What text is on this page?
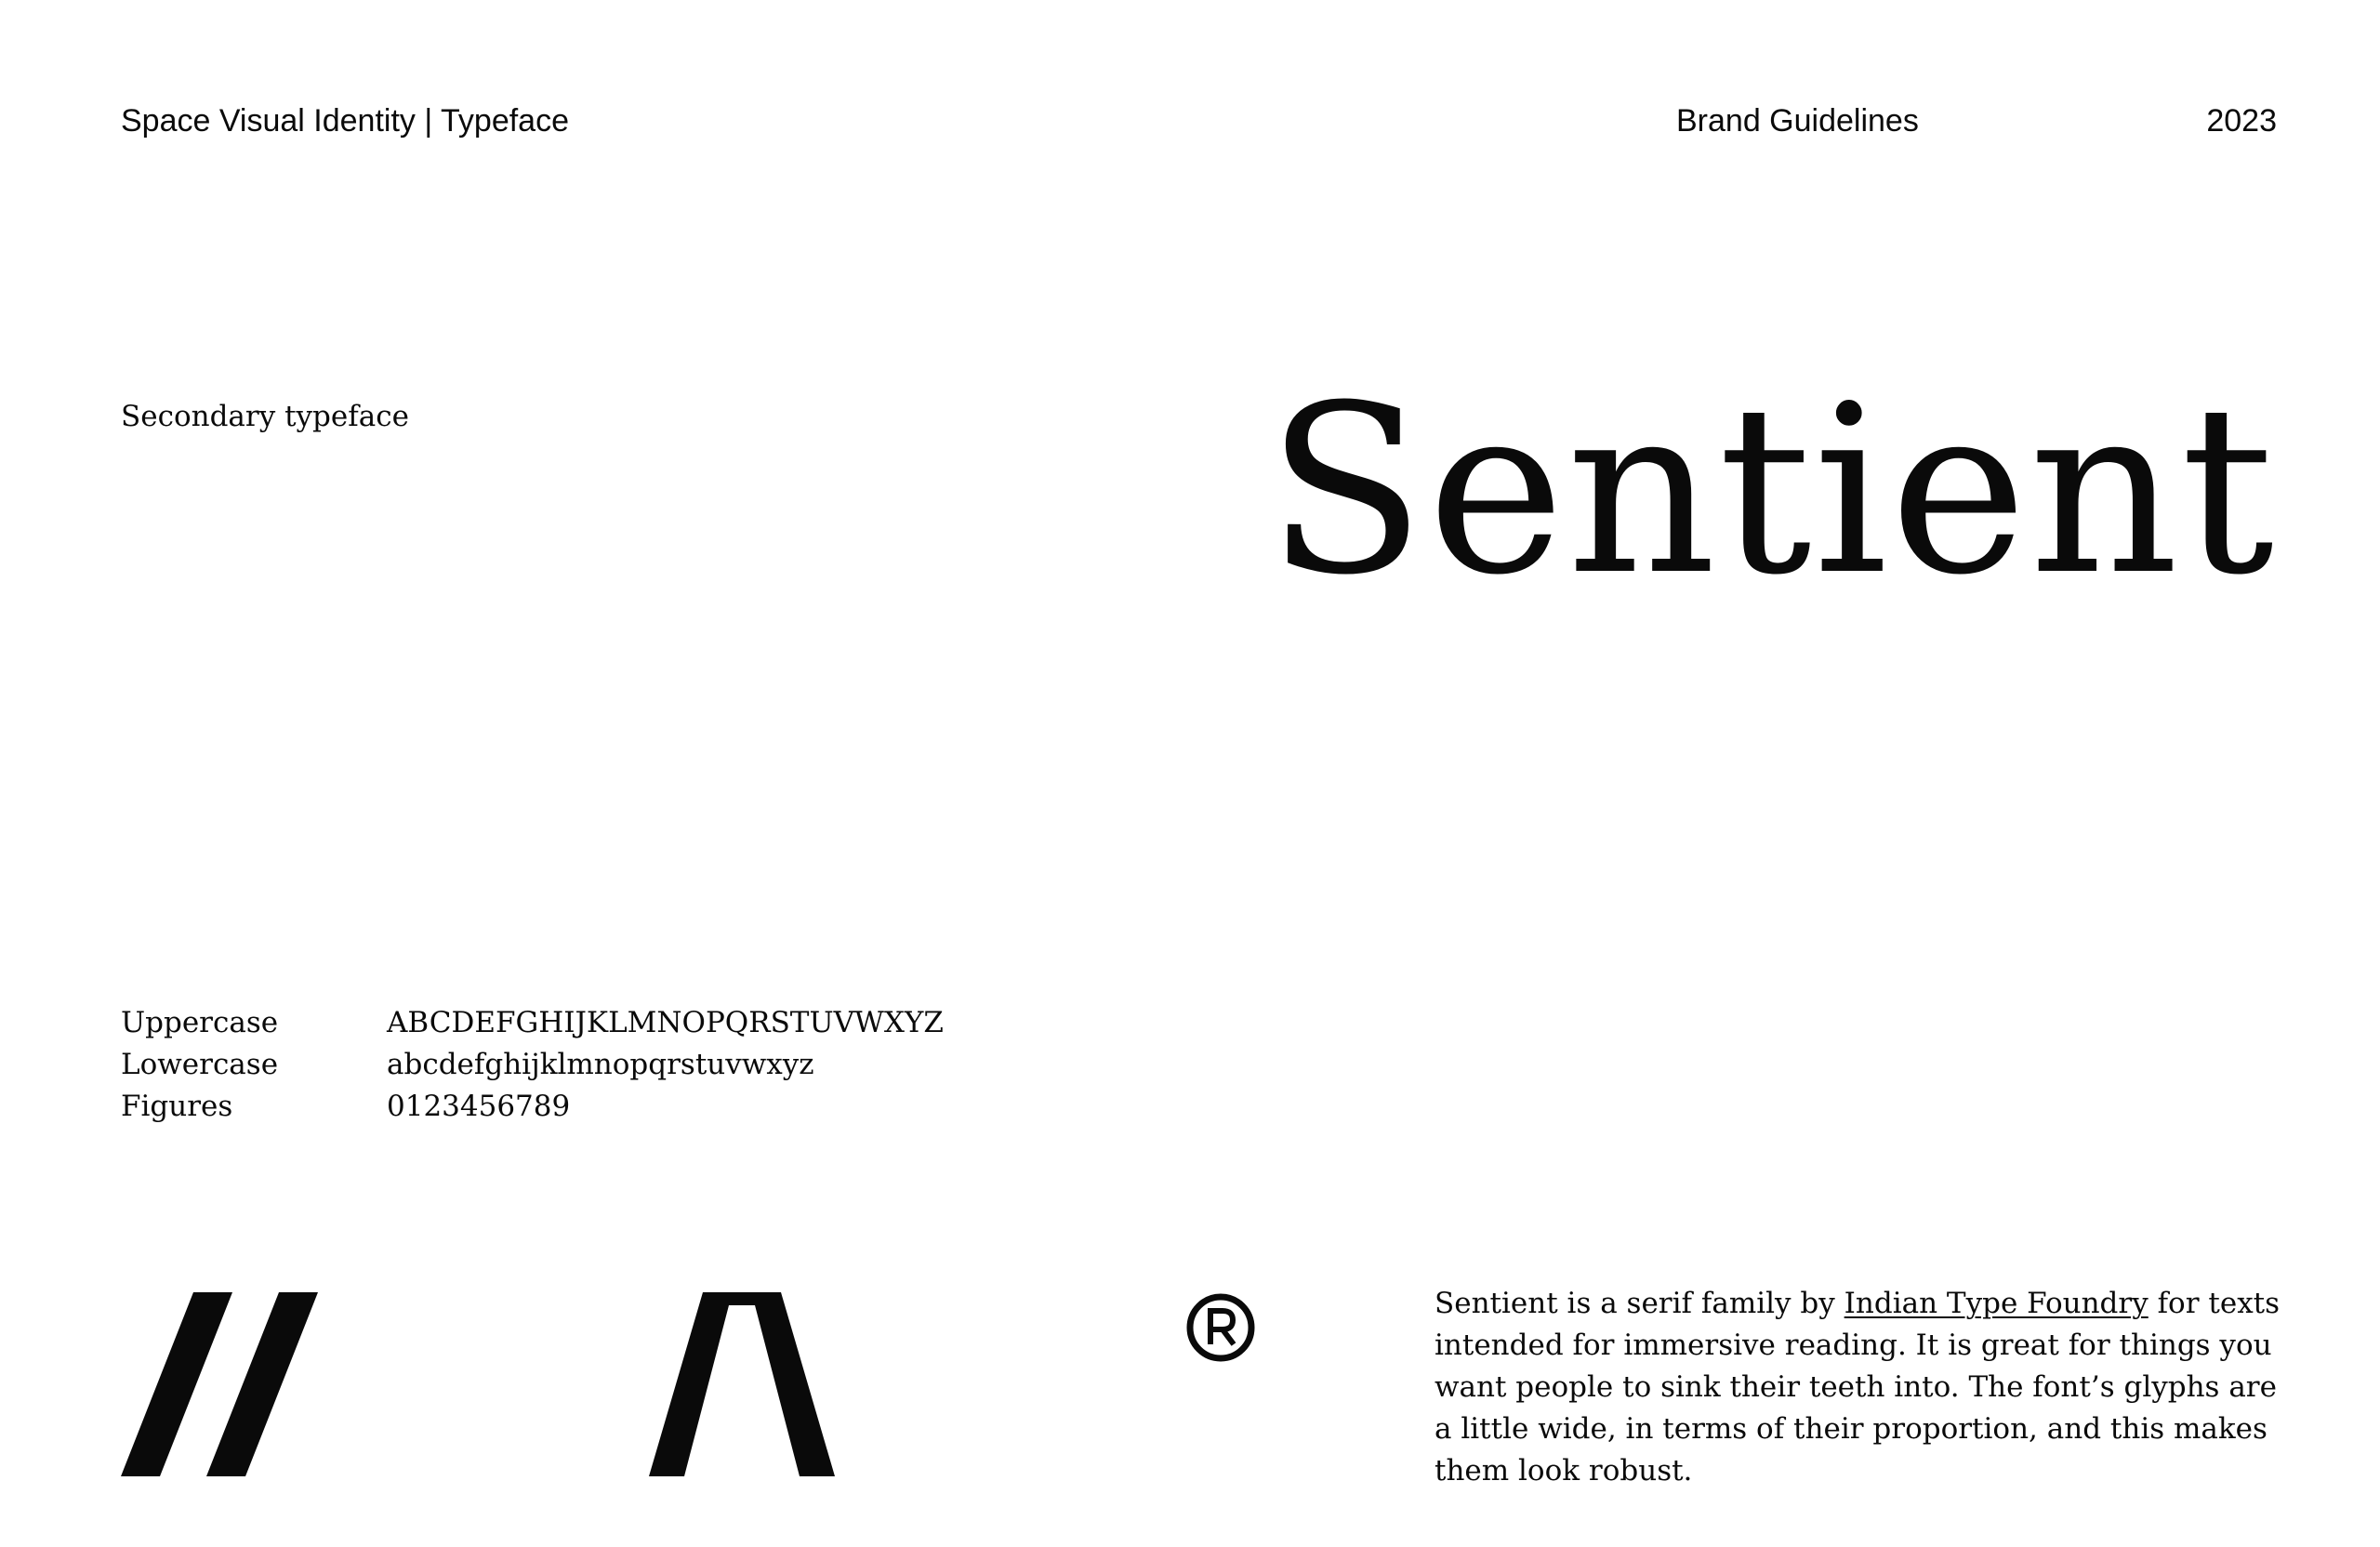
Space Visual Identity | Typeface	Brand Guidelines	2023
Secondary typeface	Sentient
Uppercase	ABCDEFGHIJKLMNOPQRSTUVWXYZ
Lowercase	abcdefghijklmnopqrstuvwxyz
Figures	0123456789

Sentient is a serif family by Indian Type Foundry for texts intended for immersive reading. It is great for things you want people to sink their teeth into. The font’s glyphs are a little wide, in terms of their proportion, and this makes them look robust.
